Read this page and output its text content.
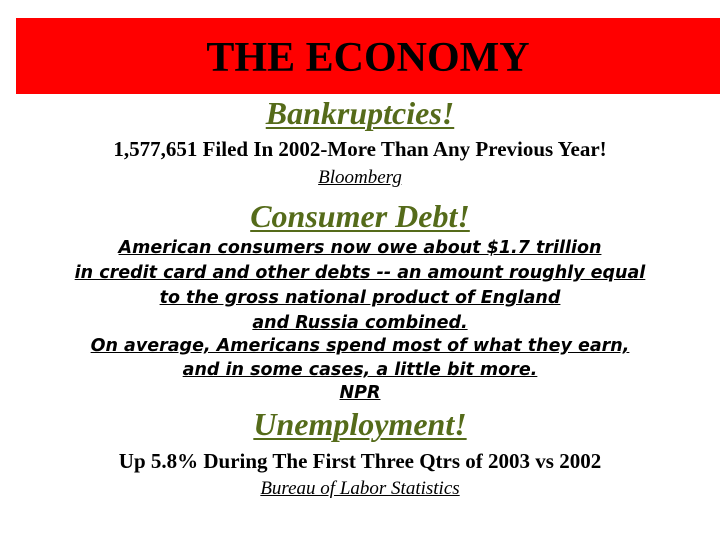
THE ECONOMY
Bankruptcies!
1,577,651 Filed In 2002-More Than Any Previous Year!
Bloomberg
Consumer Debt!
American consumers now owe about $1.7 trillion
in credit card and other debts -- an amount roughly equal
to the gross national product of England
and Russia combined.
On average, Americans spend most of what they earn,
and in some cases, a little bit more.
NPR
Unemployment!
Up 5.8% During The First Three Qtrs of 2003 vs 2002
Bureau of Labor Statistics
